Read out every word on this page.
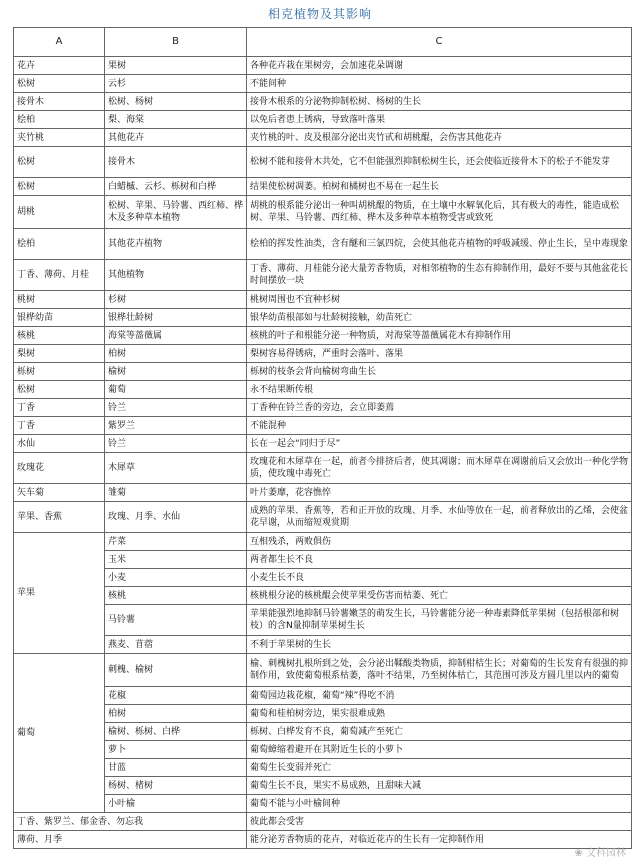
相克植物及其影响
A	B	C
花卉	果树	各种花卉栽在果树旁，会加速花朵调谢
松树	云杉	不能间种
接骨木	松树、杨树	接骨木根系的分泌物抑制松树、杨树的生长
桧柏	梨、海棠	以免后者患上锈病，导致落叶落果
夹竹桃	其他花卉	夹竹桃的叶、皮及根部分泌出夹竹甙和胡桃醌，会伤害其他花卉
松树	接骨木	松树不能和接骨木共处，它不但能强烈抑制松树生长，还会使临近接骨木下的松子不能发芽
松树	白蜡槭、云杉、栎树和白桦	结果使松树凋萎。柏树和橘树也不易在一起生长
胡桃	松树、苹果、马铃薯、西红柿、桦木及多种草本植物	胡桃的根系能分泌出一种叫胡桃醌的物质，在土壤中水解氧化后，其有极大的毒性，能造成松树、苹果、马铃薯、西红柿、桦木及多种草本植物受害或致死
桧柏	其他花卉植物	桧柏的挥发性油类，含有醚和三氯四烷，会使其他花卉植物的呼吸减缓、停止生长，呈中毒现象
丁香、薄荷、月桂	其他植物	丁香、薄荷、月桂能分泌大量芳香物质，对相邻植物的生态有抑制作用，最好不要与其他盆花长时间摆放一块
桃树	杉树	桃树周围也不宜种杉树
银桦幼苗	银桦壮龄树	银华幼苗根部如与壮龄树接触，幼苗死亡
核桃	海棠等蔷薇属	核桃的叶子和根能分泌一种物质，对海棠等蔷薇属花木有抑制作用
梨树	柏树	梨树容易得锈病，严重时会落叶、落果
栎树	榆树	栎树的枝条会背向榆树弯曲生长
松树	葡萄	永不结果断传根
丁香	铃兰	丁香种在铃兰香的旁边，会立即萎蔫
丁香	紫罗兰	不能混种
水仙	铃兰	长在一起会“同归于尽”
玫瑰花	木犀草	玫瑰花和木犀草在一起，前者今排挤后者，使其凋谢；而木犀草在凋谢前后又会放出一种化学物质，使玫瑰中毒死亡
矢车菊	雏菊	叶片萎靡，花容憔悴
苹果、香蕉	玫瑰、月季、水仙	成熟的苹果、香蕉等，若和正开放的玫瑰、月季、水仙等放在一起，前者释放出的乙烯，会使盆花早谢，从而缩短观赏期
苹果	芹菜	互相残杀，两败俱伤
	玉米	两者都生长不良
	小麦	小麦生长不良
	核桃	核桃根分泌的核桃醌会使苹果受伤害而枯萎、死亡
	马铃薯	苹果能强烈地抑制马铃薯嫩茎的萌发生长，马铃薯能分泌一种毒素降低苹果树（包括根部和树枝）的含N量抑制苹果树生长
	燕麦、苜蓿	不利于苹果树的生长
葡萄	刺槐、榆树	榆、刺槐树扎根所到之处，会分泌出鞣酸类物质，抑制柑桔生长；对葡萄的生长发育有很强的抑制作用，致使葡萄根系枯萎，落叶不结果，乃至树体枯亡，其范围可涉及方圆几里以内的葡萄
	花椒	葡萄园边栽花椒，葡萄“辣”得吃不消
	柏树	葡萄和桂柏树旁边，果实很难成熟
	榆树、栎树、白桦	栎树、白桦发育不良，葡萄减产至死亡
	萝卜	葡萄蟑缩着避开在其附近生长的小萝卜
	甘蓝	葡萄生长变弱并死亡
	杨树、楮树	葡萄生长不良，果实不易成熟，且甜味大减
	小叶榆	葡萄不能与小叶榆间种
丁香、紫罗兰、郁金香、勿忘我		彼此都会受害
薄荷、月季		能分泌芳香物质的花卉，对临近花卉的生长有一定抑制作用
❀ 文科园林
